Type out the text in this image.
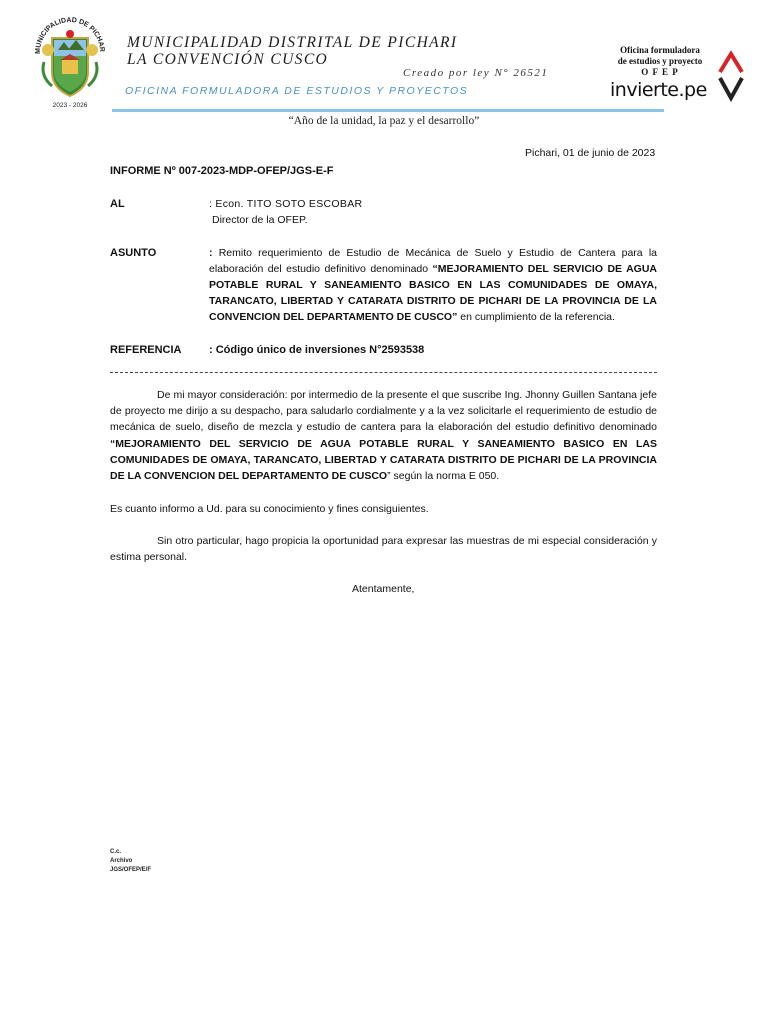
MUNICIPALIDAD DE PICHAR
2023 - 2026
MUNICIPALIDAD DISTRITAL DE PICHARI
LA CONVENCIÓN CUSCO
Creado por ley N° 26521
OFICINA FORMULADORA DE ESTUDIOS Y PROYECTOS
Oficina formuladora
de estudios y proyecto
O F E P
invierte.pe
“Año de la unidad, la paz y el desarrollo”
Pichari, 01 de junio de 2023
INFORME Nº 007-2023-MDP-OFEP/JGS-E-F
AL	: Econ. TITO SOTO ESCOBAR
Director de la OFEP.
ASUNTO	: Remito requerimiento de Estudio de Mecánica de Suelo y Estudio de Cantera para la
elaboración del estudio definitivo denominado “MEJORAMIENTO DEL SERVICIO DE AGUA
POTABLE RURAL Y SANEAMIENTO BASICO EN LAS COMUNIDADES DE OMAYA,
TARANCATO, LIBERTAD Y CATARATA DISTRITO DE PICHARI DE LA PROVINCIA DE LA
CONVENCION DEL DEPARTAMENTO DE CUSCO” en cumplimiento de la referencia.
REFERENCIA : Código único de inversiones N°2593538
De mi mayor consideración: por intermedio de la presente el que suscribe Ing. Jhonny Guillen Santana jefe
de proyecto me dirijo a su despacho, para saludarlo cordialmente y a la vez solicitarle el requerimiento de estudio de
mecánica de suelo, diseño de mezcla y estudio de cantera para la elaboración del estudio definitivo denominado
“MEJORAMIENTO DEL SERVICIO DE AGUA POTABLE RURAL Y SANEAMIENTO BASICO EN LAS
COMUNIDADES DE OMAYA, TARANCATO, LIBERTAD Y CATARATA DISTRITO DE PICHARI DE LA PROVINCIA
DE LA CONVENCION DEL DEPARTAMENTO DE CUSCO” según la norma E 050.
Es cuanto informo a Ud. para su conocimiento y fines consiguientes.
Sin otro particular, hago propicia la oportunidad para expresar las muestras de mi especial consideración y
estima personal.
Atentamente,
C.c.
Archivo
JGS/OFEP/E/F
